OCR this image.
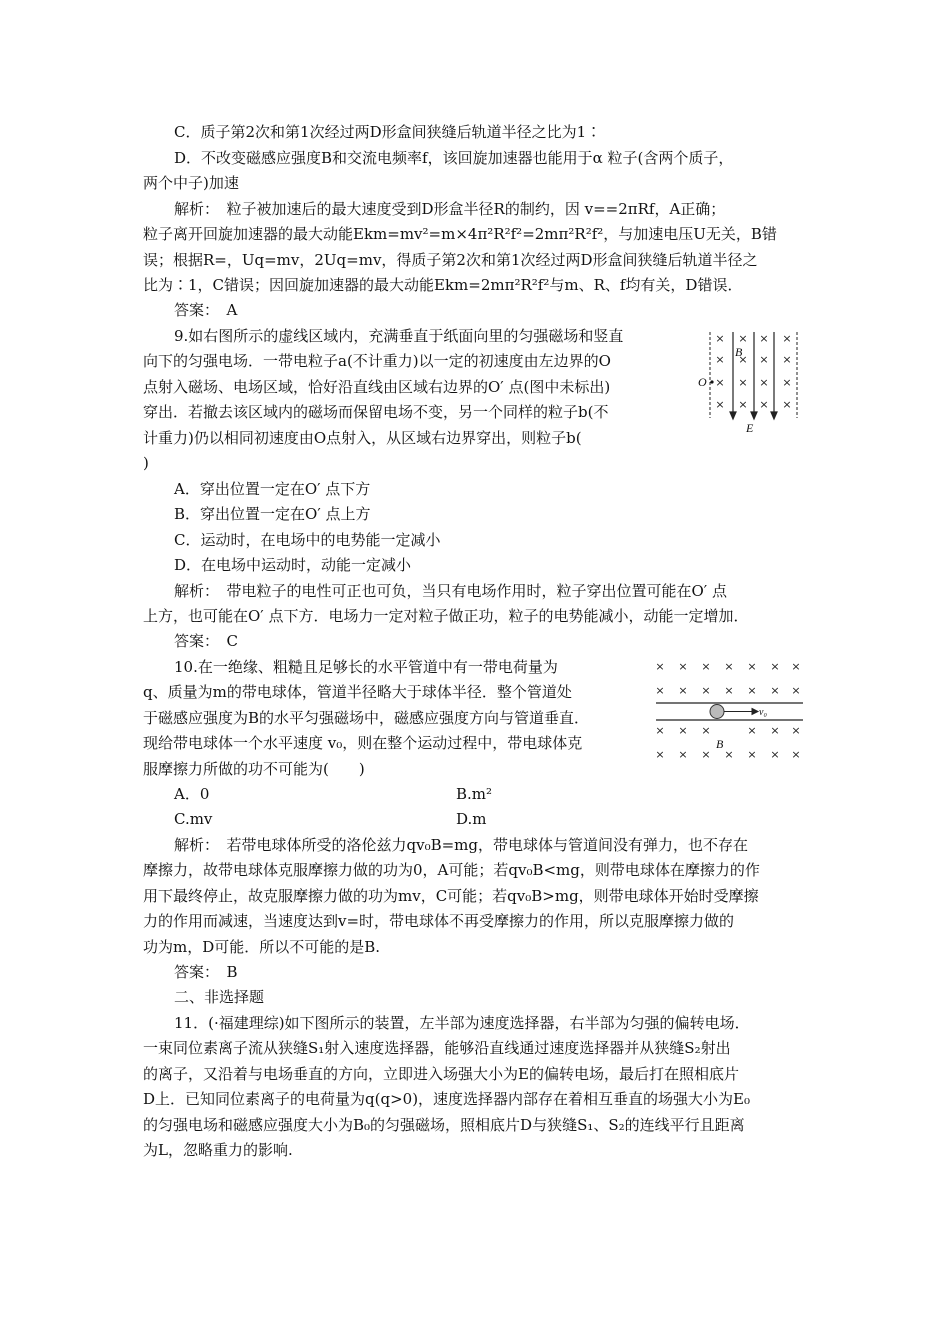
C．质子第2次和第1次经过两D形盒间狭缝后轨道半径之比为1∶
D．不改变磁感应强度B和交流电频率f，该回旋加速器也能用于α 粒子(含两个质子，
两个中子)加速
解析：　粒子被加速后的最大速度受到D形盒半径R的制约，因 v==2πRf，A正确；
粒子离开回旋加速器的最大动能Ekm=mv²=m×4π²R²f²=2mπ²R²f²，与加速电压U无关，B错
误；根据R=，Uq=mv，2Uq=mv，得质子第2次和第1次经过两D形盒间狭缝后轨道半径之
比为∶1，C错误；因回旋加速器的最大动能Ekm=2mπ²R²f²与m、R、f均有关，D错误．
答案：　A
9.如右图所示的虚线区域内，充满垂直于纸面向里的匀强磁场和竖直
向下的匀强电场．一带电粒子a(不计重力)以一定的初速度由左边界的O
点射入磁场、电场区域，恰好沿直线由区域右边界的O′ 点(图中未标出)
穿出．若撤去该区域内的磁场而保留电场不变，另一个同样的粒子b(不
计重力)仍以相同初速度由O点射入，从区域右边界穿出，则粒子b(
)
A．穿出位置一定在O′ 点下方
B．穿出位置一定在O′ 点上方
C．运动时，在电场中的电势能一定减小
D．在电场中运动时，动能一定减小
解析：　带电粒子的电性可正也可负，当只有电场作用时，粒子穿出位置可能在O′ 点
上方，也可能在O′ 点下方．电场力一定对粒子做正功，粒子的电势能减小，动能一定增加．
答案：　C
10.在一绝缘、粗糙且足够长的水平管道中有一带电荷量为
q、质量为m的带电球体，管道半径略大于球体半径．整个管道处
于磁感应强度为B的水平匀强磁场中，磁感应强度方向与管道垂直．
现给带电球体一个水平速度 v₀，则在整个运动过程中，带电球体克
服摩擦力所做的功不可能为(　　)
A．0	B.m²
C.mv	D.m
解析：　若带电球体所受的洛伦兹力qv₀B=mg，带电球体与管道间没有弹力，也不存在
摩擦力，故带电球体克服摩擦力做的功为0，A可能；若qv₀B<mg，则带电球体在摩擦力的作
用下最终停止，故克服摩擦力做的功为mv，C可能；若qv₀B>mg，则带电球体开始时受摩擦
力的作用而减速，当速度达到v=时，带电球体不再受摩擦力的作用，所以克服摩擦力做的
功为m，D可能．所以不可能的是B.
答案：　B
二、非选择题
11．(·福建理综)如下图所示的装置，左半部为速度选择器，右半部为匀强的偏转电场．
一束同位素离子流从狭缝S₁射入速度选择器，能够沿直线通过速度选择器并从狭缝S₂射出
的离子，又沿着与电场垂直的方向，立即进入场强大小为E的偏转电场，最后打在照相底片
D上．已知同位素离子的电荷量为q(q>0)，速度选择器内部存在着相互垂直的场强大小为E₀
的匀强电场和磁感应强度大小为B₀的匀强磁场，照相底片D与狭缝S₁、S₂的连线平行且距离
为L，忽略重力的影响.
×
×
×
×
×
×
×
×
×
×
×
×
×
×
×
×
B
E
O
× × × × × × ×
× × × × × × ×
× × ×	× × ×
× × × × × × ×
v₀
B
